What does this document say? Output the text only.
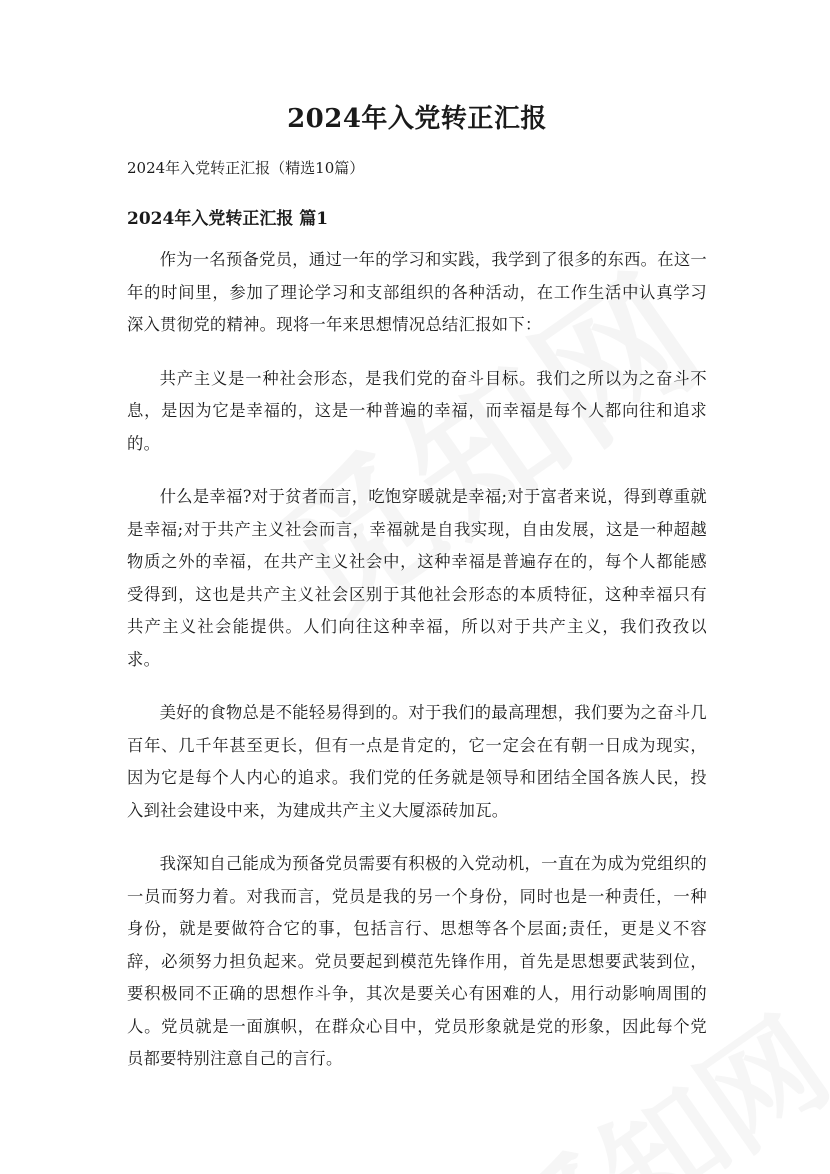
2024年入党转正汇报

2024年入党转正汇报（精选10篇）

2024年入党转正汇报 篇1

作为一名预备党员，通过一年的学习和实践，我学到了很多的东西。在这一年的时间里，参加了理论学习和支部组织的各种活动，在工作生活中认真学习深入贯彻党的精神。现将一年来思想情况总结汇报如下：

共产主义是一种社会形态，是我们党的奋斗目标。我们之所以为之奋斗不息，是因为它是幸福的，这是一种普遍的幸福，而幸福是每个人都向往和追求的。

什么是幸福?对于贫者而言，吃饱穿暖就是幸福;对于富者来说，得到尊重就是幸福;对于共产主义社会而言，幸福就是自我实现，自由发展，这是一种超越物质之外的幸福，在共产主义社会中，这种幸福是普遍存在的，每个人都能感受得到，这也是共产主义社会区别于其他社会形态的本质特征，这种幸福只有共产主义社会能提供。人们向往这种幸福，所以对于共产主义，我们孜孜以求。

美好的食物总是不能轻易得到的。对于我们的最高理想，我们要为之奋斗几百年、几千年甚至更长，但有一点是肯定的，它一定会在有朝一日成为现实，因为它是每个人内心的追求。我们党的任务就是领导和团结全国各族人民，投入到社会建设中来，为建成共产主义大厦添砖加瓦。

我深知自己能成为预备党员需要有积极的入党动机，一直在为成为党组织的一员而努力着。对我而言，党员是我的另一个身份，同时也是一种责任，一种身份，就是要做符合它的事，包括言行、思想等各个层面;责任，更是义不容辞，必须努力担负起来。党员要起到模范先锋作用，首先是思想要武装到位，要积极同不正确的思想作斗争，其次是要关心有困难的人，用行动影响周围的人。党员就是一面旗帜，在群众心目中，党员形象就是党的形象，因此每个党员都要特别注意自己的言行。
